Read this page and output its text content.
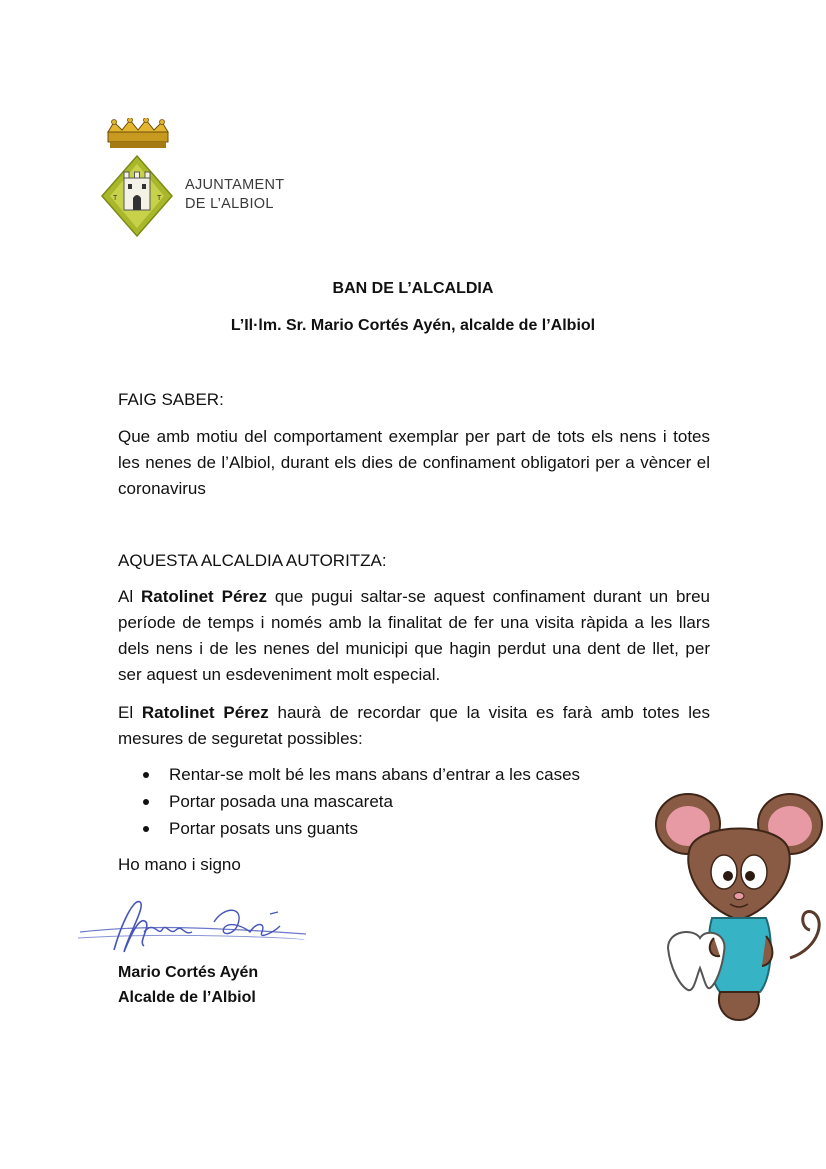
T	T
AJUNTAMENT
DE L’ALBIOL
BAN DE L’ALCALDIA
L’Il·lm. Sr. Mario Cortés Ayén, alcalde de l’Albiol
FAIG SABER:
Que amb motiu del comportament exemplar per part de tots els nens i totes les nenes de l’Albiol, durant els dies de confinament obligatori per a vèncer el coronavirus
AQUESTA ALCALDIA AUTORITZA:
Al Ratolinet Pérez que pugui saltar-se aquest confinament durant un breu període de temps i només amb la finalitat de fer una visita ràpida a les llars dels nens i de les nenes del municipi que hagin perdut una dent de llet, per ser aquest un esdeveniment molt especial.
El Ratolinet Pérez haurà de recordar que la visita es farà amb totes les mesures de seguretat possibles:
Rentar-se molt bé les mans abans d’entrar a les cases
Portar posada una mascareta
Portar posats uns guants
Ho mano i signo
Mario Cortés Ayén
Alcalde de l’Albiol
